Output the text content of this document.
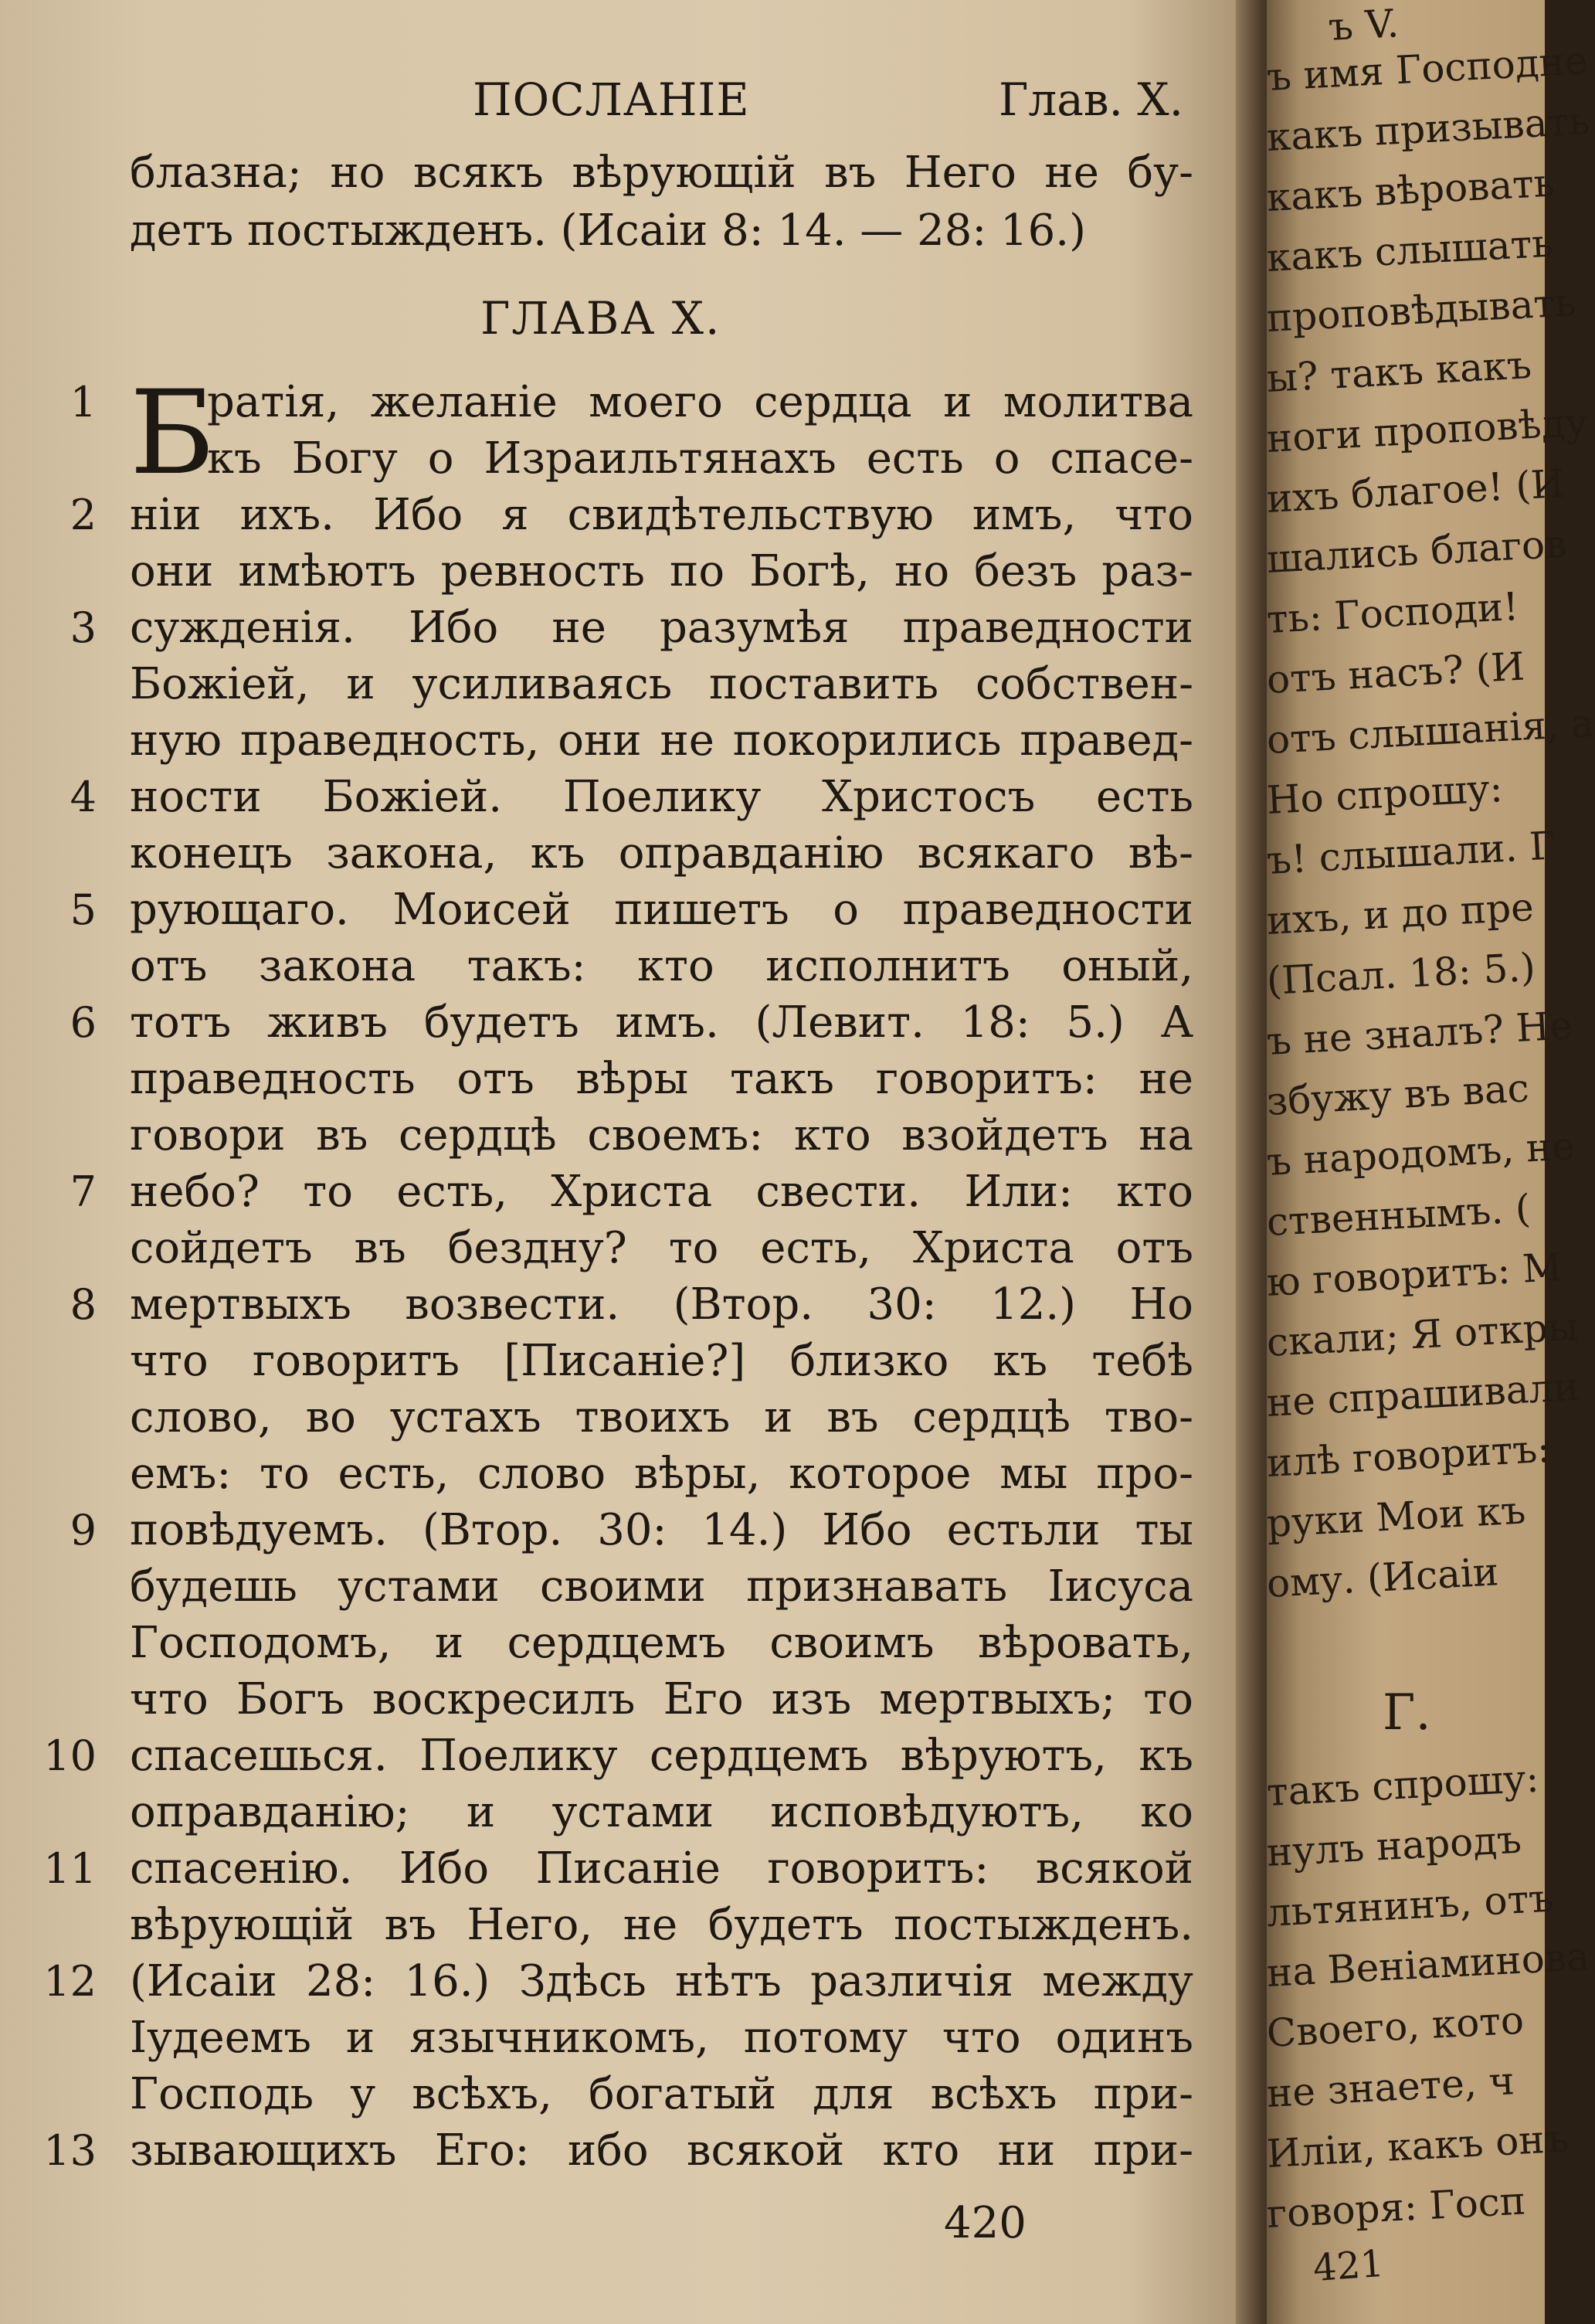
ПОСЛАНIЕ	Глав. X.
блазна; но всякъ вѣрующій въ Него не бу-
детъ постыжденъ. (Исаіи 8: 14. — 28: 16.)
ГЛАВА X.
Б
ратія, желаніе моего сердца и молитва
къ Богу о Израильтянахъ есть о спасе-
ніи ихъ. Ибо я свидѣтельствую имъ, что
они имѣютъ ревность по Богѣ, но безъ раз-
сужденія. Ибо не разумѣя праведности
Божіей, и усиливаясь поставить собствен-
ную праведность, они не покорились правед-
ности Божіей. Поелику Христосъ есть
конецъ закона, къ оправданію всякаго вѣ-
рующаго. Моисей пишетъ о праведности
отъ закона такъ: кто исполнитъ оный,
тотъ живъ будетъ имъ. (Левит. 18: 5.) А
праведность отъ вѣры такъ говоритъ: не
говори въ сердцѣ своемъ: кто взойдетъ на
небо? то есть, Христа свести. Или: кто
сойдетъ въ бездну? то есть, Христа отъ
мертвыхъ возвести. (Втор. 30: 12.) Но
что говоритъ [Писаніе?] близко къ тебѣ
слово, во устахъ твоихъ и въ сердцѣ тво-
емъ: то есть, слово вѣры, которое мы про-
повѣдуемъ. (Втор. 30: 14.) Ибо естьли ты
будешь устами своими признавать Іисуса
Господомъ, и сердцемъ своимъ вѣровать,
что Богъ воскресилъ Его изъ мертвыхъ; то
спасешься. Поелику сердцемъ вѣруютъ, къ
оправданію; и устами исповѣдуютъ, ко
спасенію. Ибо Писаніе говоритъ: всякой
вѣрующій въ Него, не будетъ постыжденъ.
(Исаіи 28: 16.) Здѣсь нѣтъ различія между
Іудеемъ и язычникомъ, потому что одинъ
Господь у всѣхъ, богатый для всѣхъ при-
зывающихъ Его: ибо всякой кто ни при-
1
2
3
4
5
6
7
8
9
10
11
12
13
420
ъ V.
ъ имя Господне
какъ призывать
какъ вѣровать
какъ слышать
проповѣдывать
ы? такъ какъ
ноги проповѣду
ихъ благое! (И
шались благов
ть: Господи!
отъ насъ? (И
отъ слышанія, а
Но спрошу:
ъ! слышали. Г
ихъ, и до пре
(Псал. 18: 5.)
ъ не зналъ? Не
збужу въ вас
ъ народомъ, не
ственнымъ. (
ю говоритъ: М
скали; Я откры
не спрашивали
илѣ говоритъ:
руки Мои къ
ому. (Исаіи
Г.
такъ спрошу:
нулъ народъ
льтянинъ, отъ
на Веніаминова
Своего, кото
не знаете, ч
Иліи, какъ онъ
говоря: Госп
421
